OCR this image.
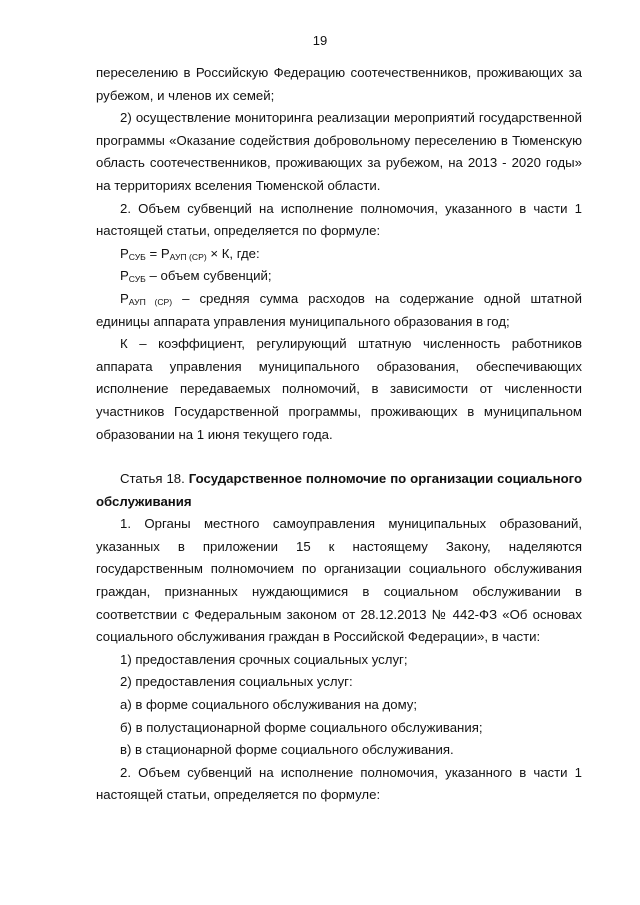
19

переселению в Российскую Федерацию соотечественников, проживающих за рубежом, и членов их семей;

2) осуществление мониторинга реализации мероприятий государственной программы «Оказание содействия добровольному переселению в Тюменскую область соотечественников, проживающих за рубежом, на 2013 - 2020 годы» на территориях вселения Тюменской области.

2. Объем субвенций на исполнение полномочия, указанного в части 1 настоящей статьи, определяется по формуле:

$Р_{СУБ} = Р_{АУП (СР)} \times К$, где:

$Р_{СУБ}$ – объем субвенций;

$Р_{АУП (СР)}$ – средняя сумма расходов на содержание одной штатной единицы аппарата управления муниципального образования в год;

К – коэффициент, регулирующий штатную численность работников аппарата управления муниципального образования, обеспечивающих исполнение передаваемых полномочий, в зависимости от численности участников Государственной программы, проживающих в муниципальном образовании на 1 июня текущего года.

Статья 18. Государственное полномочие по организации социального обслуживания

1. Органы местного самоуправления муниципальных образований, указанных в приложении 15 к настоящему Закону, наделяются государственным полномочием по организации социального обслуживания граждан, признанных нуждающимися в социальном обслуживании в соответствии с Федеральным законом от 28.12.2013 № 442-ФЗ «Об основах социального обслуживания граждан в Российской Федерации», в части:

1) предоставления срочных социальных услуг;

2) предоставления социальных услуг:

а) в форме социального обслуживания на дому;

б) в полустационарной форме социального обслуживания;

в) в стационарной форме социального обслуживания.

2. Объем субвенций на исполнение полномочия, указанного в части 1 настоящей статьи, определяется по формуле:
